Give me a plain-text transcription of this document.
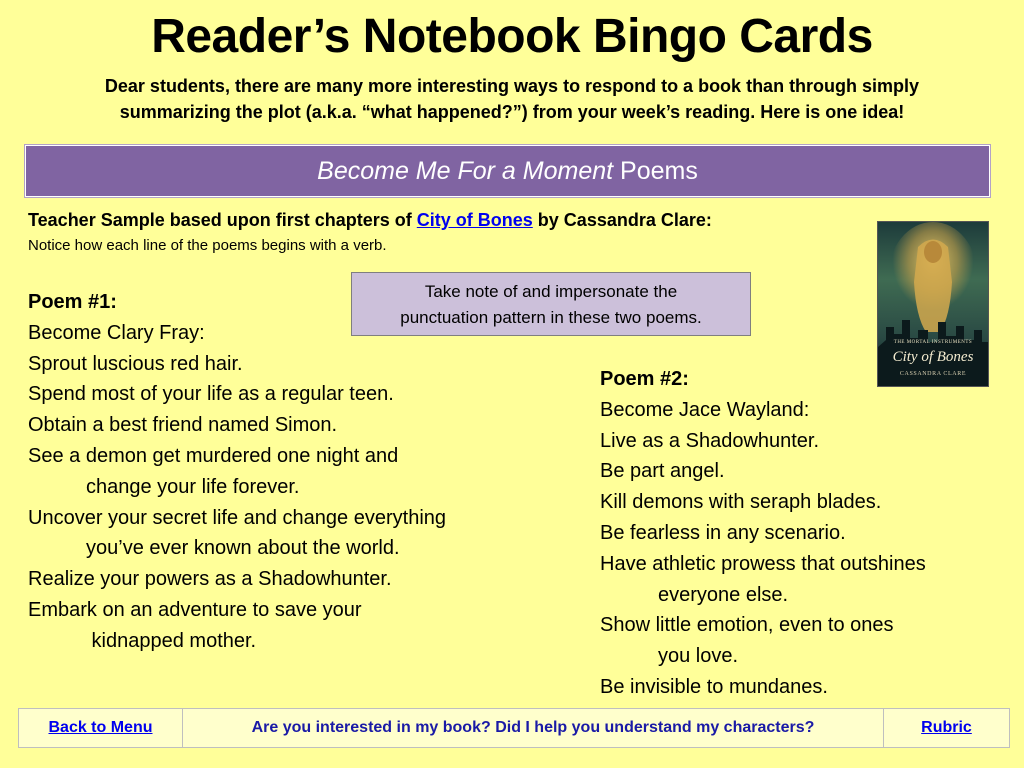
Reader’s Notebook Bingo Cards
Dear students, there are many more interesting ways to respond to a book than through simply
summarizing the plot (a.k.a. “what happened?”) from your week’s reading. Here is one idea!
Become Me For a Moment Poems
Teacher Sample based upon first chapters of City of Bones by Cassandra Clare:
Notice how each line of the poems begins with a verb.
Take note of and impersonate the
punctuation pattern in these two poems.
Poem #1:
Become Clary Fray:
Sprout luscious red hair.
Spend most of your life as a regular teen.
Obtain a best friend named Simon.
See a demon get murdered one night and
change your life forever.
Uncover your secret life and change everything
you’ve ever known about the world.
Realize your powers as a Shadowhunter.
Embark on an adventure to save your
kidnapped mother.
Poem #2:
Become Jace Wayland:
Live as a Shadowhunter.
Be part angel.
Kill demons with seraph blades.
Be fearless in any scenario.
Have athletic prowess that outshines
everyone else.
Show little emotion, even to ones
you love.
Be invisible to mundanes.
THE MORTAL INSTRUMENTS
City of Bones
CASSANDRA CLARE
Back to Menu	Are you interested in my book? Did I help you understand my characters?	Rubric
